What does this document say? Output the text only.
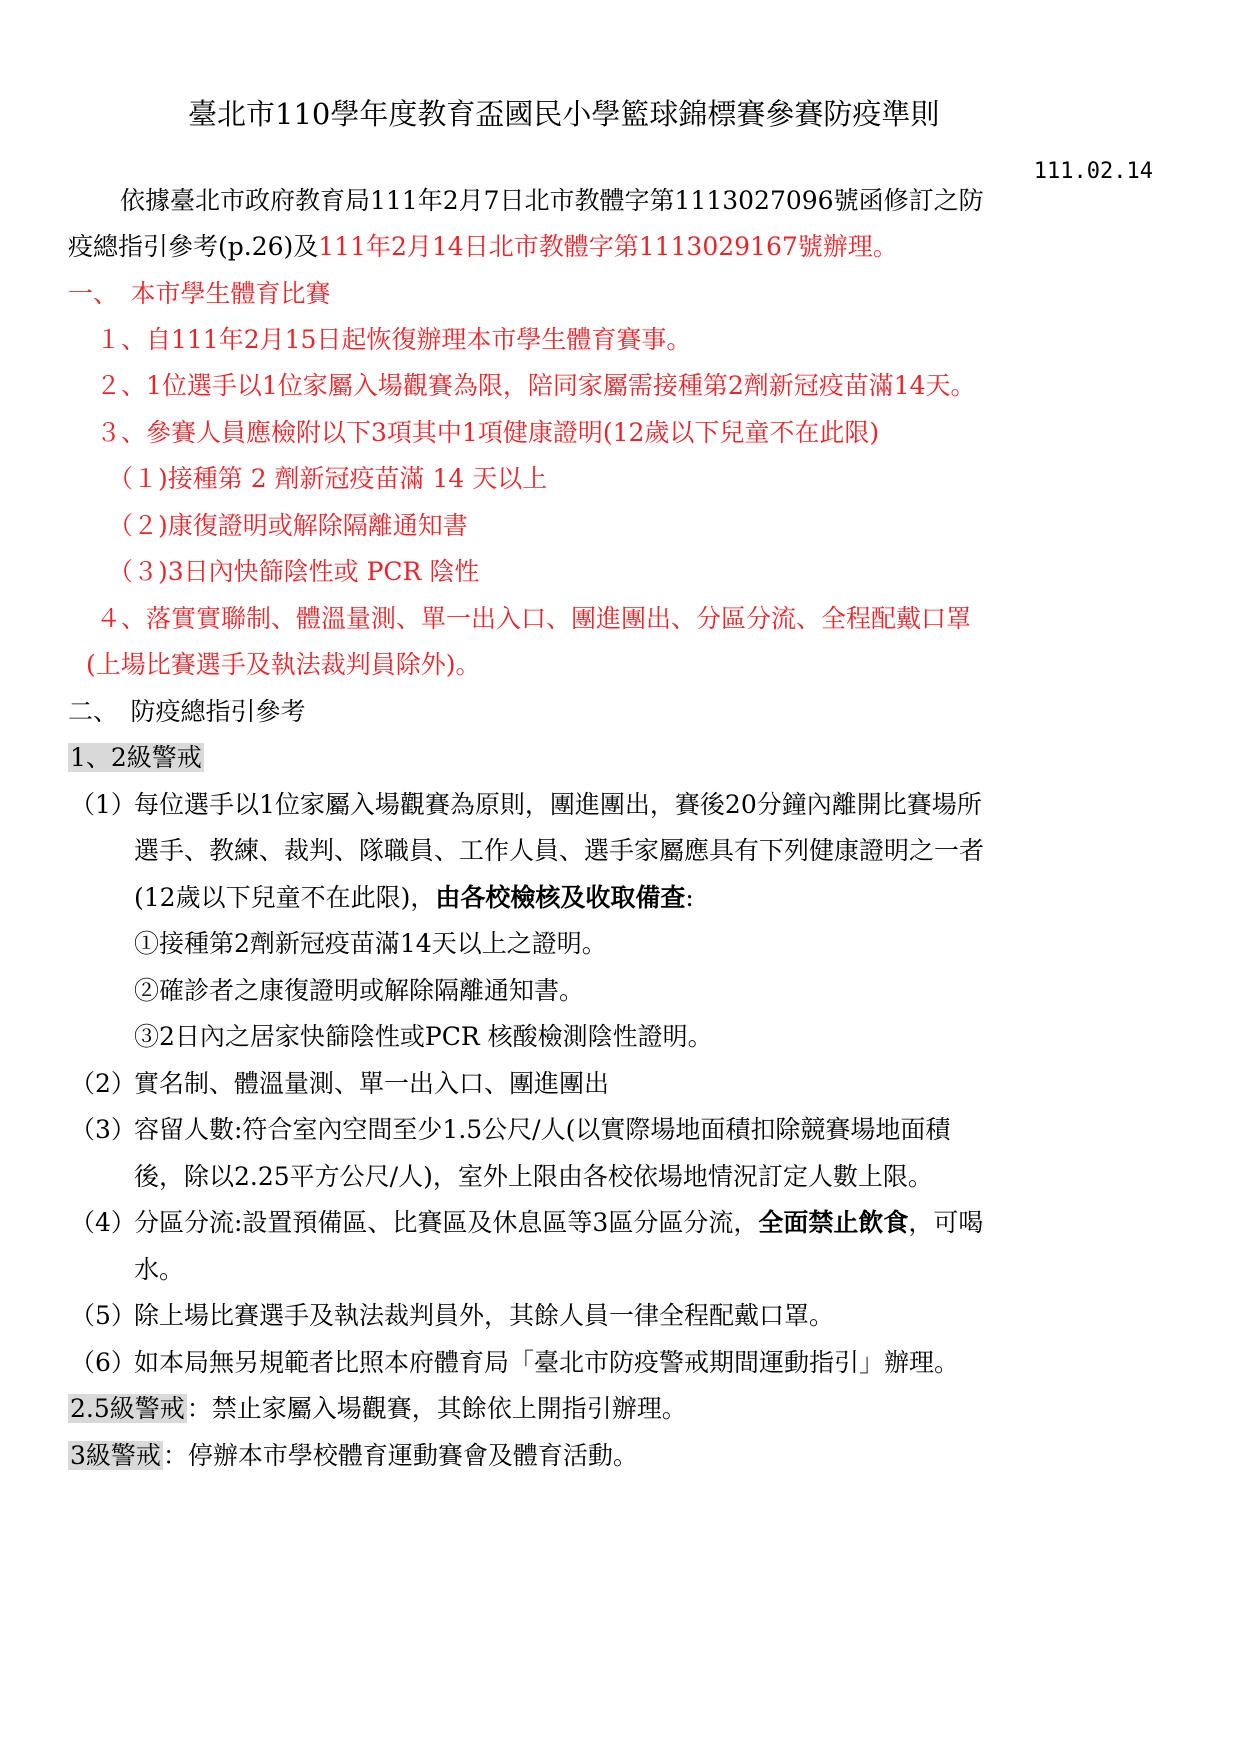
臺北市110學年度教育盃國民小學籃球錦標賽參賽防疫準則
111.02.14
依據臺北市政府教育局111年2月7日北市教體字第1113027096號函修訂之防
疫總指引參考(p.26)及111年2月14日北市教體字第1113029167號辦理。
一、　本市學生體育比賽
１、自111年2月15日起恢復辦理本市學生體育賽事。
２、1位選手以1位家屬入場觀賽為限，陪同家屬需接種第2劑新冠疫苗滿14天。
３、參賽人員應檢附以下3項其中1項健康證明(12歲以下兒童不在此限)
（１)接種第 2 劑新冠疫苗滿 14 天以上
（２)康復證明或解除隔離通知書
（３)3日內快篩陰性或 PCR 陰性
４、落實實聯制、體溫量測、單一出入口、團進團出、分區分流、全程配戴口罩
(上場比賽選手及執法裁判員除外)。
二、　防疫總指引參考
1、2級警戒
（1）
每位選手以1位家屬入場觀賽為原則，團進團出，賽後20分鐘內離開比賽場所
選手、教練、裁判、隊職員、工作人員、選手家屬應具有下列健康證明之一者
(12歲以下兒童不在此限)，由各校檢核及收取備查:
①接種第2劑新冠疫苗滿14天以上之證明。
②確診者之康復證明或解除隔離通知書。
③2日內之居家快篩陰性或PCR 核酸檢測陰性證明。
（2）
實名制、體溫量測、單一出入口、團進團出
（3）
容留人數:符合室內空間至少1.5公尺/人(以實際場地面積扣除競賽場地面積
後，除以2.25平方公尺/人)，室外上限由各校依場地情況訂定人數上限。
（4）
分區分流:設置預備區、比賽區及休息區等3區分區分流，全面禁止飲食，可喝
水。
（5）
除上場比賽選手及執法裁判員外，其餘人員一律全程配戴口罩。
（6）
如本局無另規範者比照本府體育局「臺北市防疫警戒期間運動指引」辦理。
2.5級警戒：禁止家屬入場觀賽，其餘依上開指引辦理。
3級警戒：停辦本市學校體育運動賽會及體育活動。
